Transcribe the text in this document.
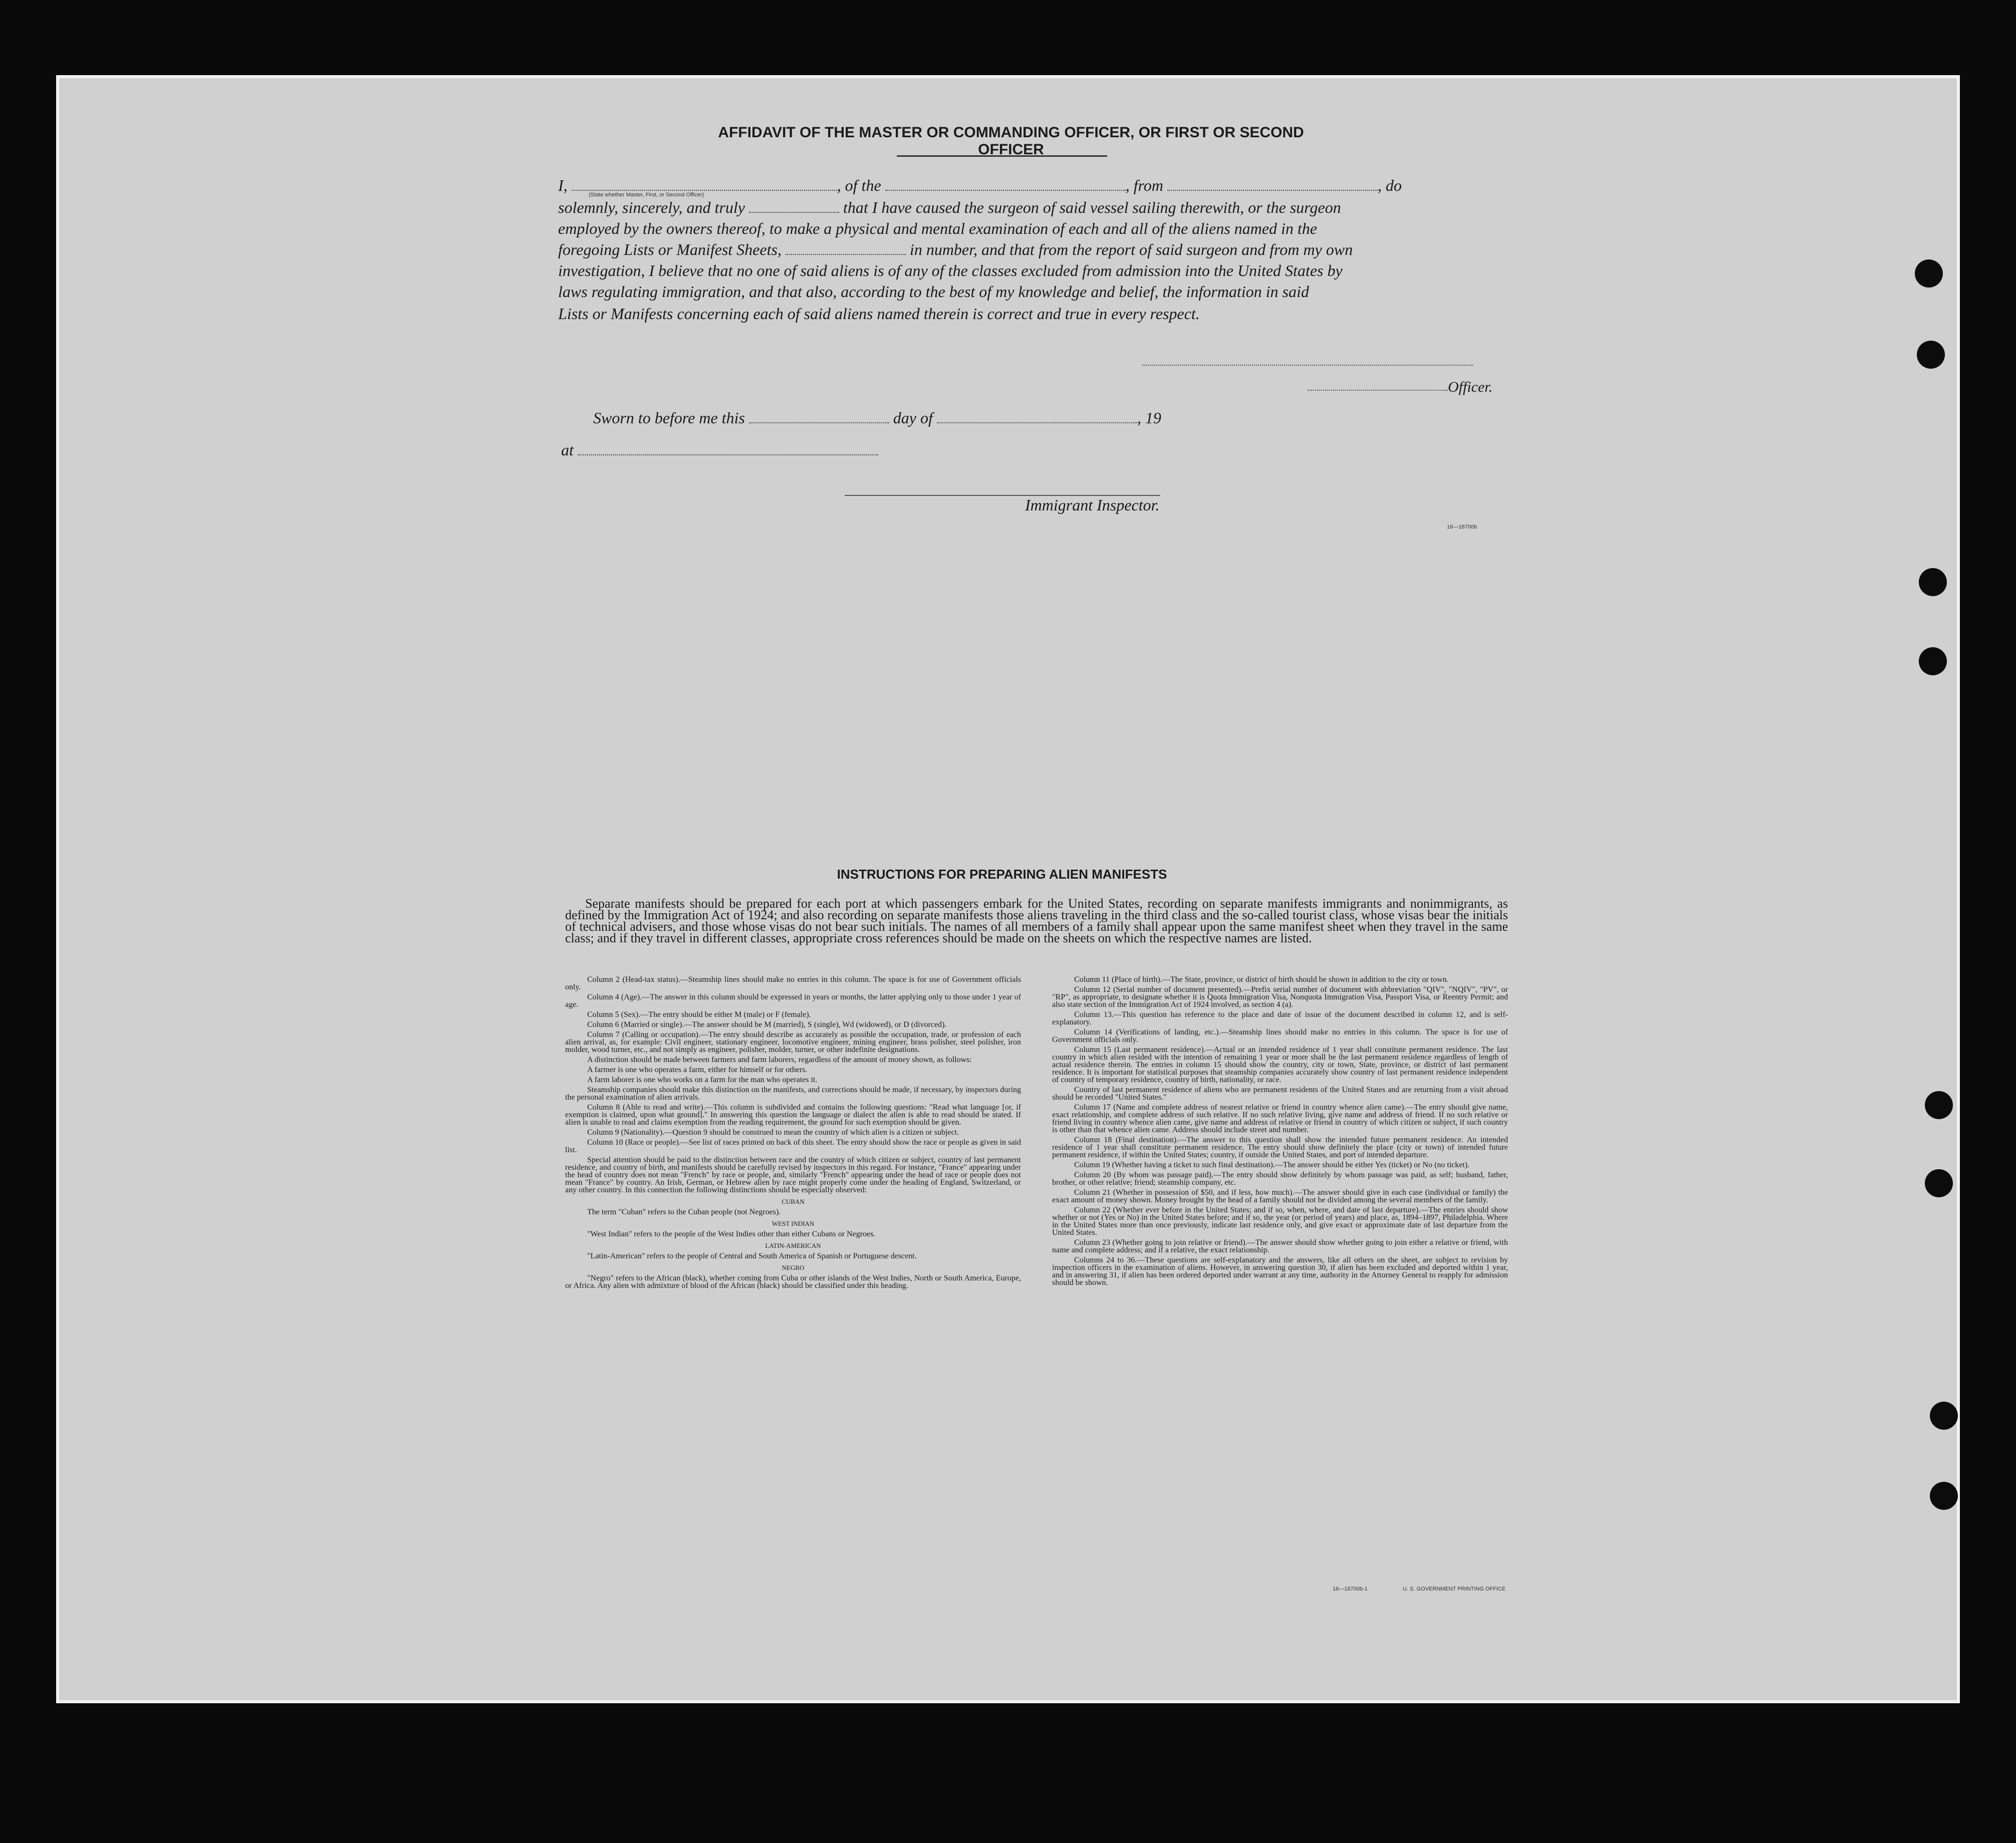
AFFIDAVIT OF THE MASTER OR COMMANDING OFFICER, OR FIRST OR SECOND OFFICER
I,	, of the	, from	, do
(State whether Master, First, or Second Officer)
solemnly, sincerely, and truly	that I have caused the surgeon of said vessel sailing therewith, or the surgeon
employed by the owners thereof, to make a physical and mental examination of each and all of the aliens named in the
foregoing Lists or Manifest Sheets,	in number, and that from the report of said surgeon and from my own
investigation, I believe that no one of said aliens is of any of the classes excluded from admission into the United States by
laws regulating immigration, and that also, according to the best of my knowledge and belief, the information in said
Lists or Manifests concerning each of said aliens named therein is correct and true in every respect.
Officer.
Sworn to before me this	day of	, 19
at
Immigrant Inspector.
16—18700b
INSTRUCTIONS FOR PREPARING ALIEN MANIFESTS
Separate manifests should be prepared for each port at which passengers embark for the United States, recording on separate manifests immigrants and nonimmigrants, as defined by the Immigration Act of 1924; and also recording on separate manifests those aliens traveling in the third class and the so-called tourist class, whose visas bear the initials of technical advisers, and those whose visas do not bear such initials. The names of all members of a family shall appear upon the same manifest sheet when they travel in the same class; and if they travel in different classes, appropriate cross references should be made on the sheets on which the respective names are listed.

Column 2 (Head-tax status).—Steamship lines should make no entries in this column. The space is for use of Government officials only.

Column 4 (Age).—The answer in this column should be expressed in years or months, the latter applying only to those under 1 year of age.

Column 5 (Sex).—The entry should be either M (male) or F (female).

Column 6 (Married or single).—The answer should be M (married), S (single), Wd (widowed), or D (divorced).

Column 7 (Calling or occupation).—The entry should describe as accurately as possible the occupation, trade, or profession of each alien arrival, as, for example: Civil engineer, stationary engineer, locomotive engineer, mining engineer, brass polisher, steel polisher, iron molder, wood turner, etc., and not simply as engineer, polisher, molder, turner, or other indefinite designations.

A distinction should be made between farmers and farm laborers, regardless of the amount of money shown, as follows:

A farmer is one who operates a farm, either for himself or for others.

A farm laborer is one who works on a farm for the man who operates it.

Steamship companies should make this distinction on the manifests, and corrections should be made, if necessary, by inspectors during the personal examination of alien arrivals.

Column 8 (Able to read and write).—This column is subdivided and contains the following questions: "Read what language [or, if exemption is claimed, upon what ground]." In answering this question the language or dialect the alien is able to read should be stated. If alien is unable to read and claims exemption from the reading requirement, the ground for such exemption should be given.

Column 9 (Nationality).—Question 9 should be construed to mean the country of which alien is a citizen or subject.

Column 10 (Race or people).—See list of races printed on back of this sheet. The entry should show the race or people as given in said list.

Special attention should be paid to the distinction between race and the country of which citizen or subject, country of last permanent residence, and country of birth, and manifests should be carefully revised by inspectors in this regard. For instance, "France" appearing under the head of country does not mean "French" by race or people, and, similarly "French" appearing under the head of race or people does not mean "France" by country. An Irish, German, or Hebrew alien by race might properly come under the heading of England, Switzerland, or any other country. In this connection the following distinctions should be especially observed:

CUBAN

The term "Cuban" refers to the Cuban people (not Negroes).

WEST INDIAN

"West Indian" refers to the people of the West Indies other than either Cubans or Negroes.

LATIN-AMERICAN

"Latin-American" refers to the people of Central and South America of Spanish or Portuguese descent.

NEGRO

"Negro" refers to the African (black), whether coming from Cuba or other islands of the West Indies, North or South America, Europe, or Africa. Any alien with admixture of blood of the African (black) should be classified under this heading.

Column 11 (Place of birth).—The State, province, or district of birth should be shown in addition to the city or town.

Column 12 (Serial number of document presented).—Prefix serial number of document with abbreviation "QIV", "NQIV", "PV", or "RP", as appropriate, to designate whether it is Quota Immigration Visa, Nonquota Immigration Visa, Passport Visa, or Reentry Permit; and also state section of the Immigration Act of 1924 involved, as section 4 (a).

Column 13.—This question has reference to the place and date of issue of the document described in column 12, and is self-explanatory.

Column 14 (Verifications of landing, etc.).—Steamship lines should make no entries in this column. The space is for use of Government officials only.

Column 15 (Last permanent residence).—Actual or an intended residence of 1 year shall constitute permanent residence. The last country in which alien resided with the intention of remaining 1 year or more shall be the last permanent residence regardless of length of actual residence therein. The entries in column 15 should show the country, city or town, State, province, or district of last permanent residence. It is important for statistical purposes that steamship companies accurately show country of last permanent residence independent of country of temporary residence, country of birth, nationality, or race.

Country of last permanent residence of aliens who are permanent residents of the United States and are returning from a visit abroad should be recorded "United States."

Column 17 (Name and complete address of nearest relative or friend in country whence alien came).—The entry should give name, exact relationship, and complete address of such relative. If no such relative living, give name and address of friend. If no such relative or friend living in country whence alien came, give name and address of relative or friend in country of which citizen or subject, if such country is other than that whence alien came. Address should include street and number.

Column 18 (Final destination).—The answer to this question shall show the intended future permanent residence. An intended residence of 1 year shall constitute permanent residence. The entry should show definitely the place (city or town) of intended future permanent residence, if within the United States; country, if outside the United States, and port of intended departure.

Column 19 (Whether having a ticket to such final destination).—The answer should be either Yes (ticket) or No (no ticket).

Column 20 (By whom was passage paid).—The entry should show definitely by whom passage was paid, as self; husband, father, brother, or other relative; friend; steamship company, etc.

Column 21 (Whether in possession of $50, and if less, how much).—The answer should give in each case (individual or family) the exact amount of money shown. Money brought by the head of a family should not be divided among the several members of the family.

Column 22 (Whether ever before in the United States; and if so, when, where, and date of last departure).—The entries should show whether or not (Yes or No) in the United States before; and if so, the year (or period of years) and place, as, 1894–1897, Philadelphia. Where in the United States more than once previously, indicate last residence only, and give exact or approximate date of last departure from the United States.

Column 23 (Whether going to join relative or friend).—The answer should show whether going to join either a relative or friend, with name and complete address; and if a relative, the exact relationship.

Columns 24 to 36.—These questions are self-explanatory and the answers, like all others on the sheet, are subject to revision by inspection officers in the examination of aliens. However, in answering question 30, if alien has been excluded and deported within 1 year, and in answering 31, if alien has been ordered deported under warrant at any time, authority in the Attorney General to reapply for admission should be shown.

16—18700b-1	U. S. GOVERNMENT PRINTING OFFICE
